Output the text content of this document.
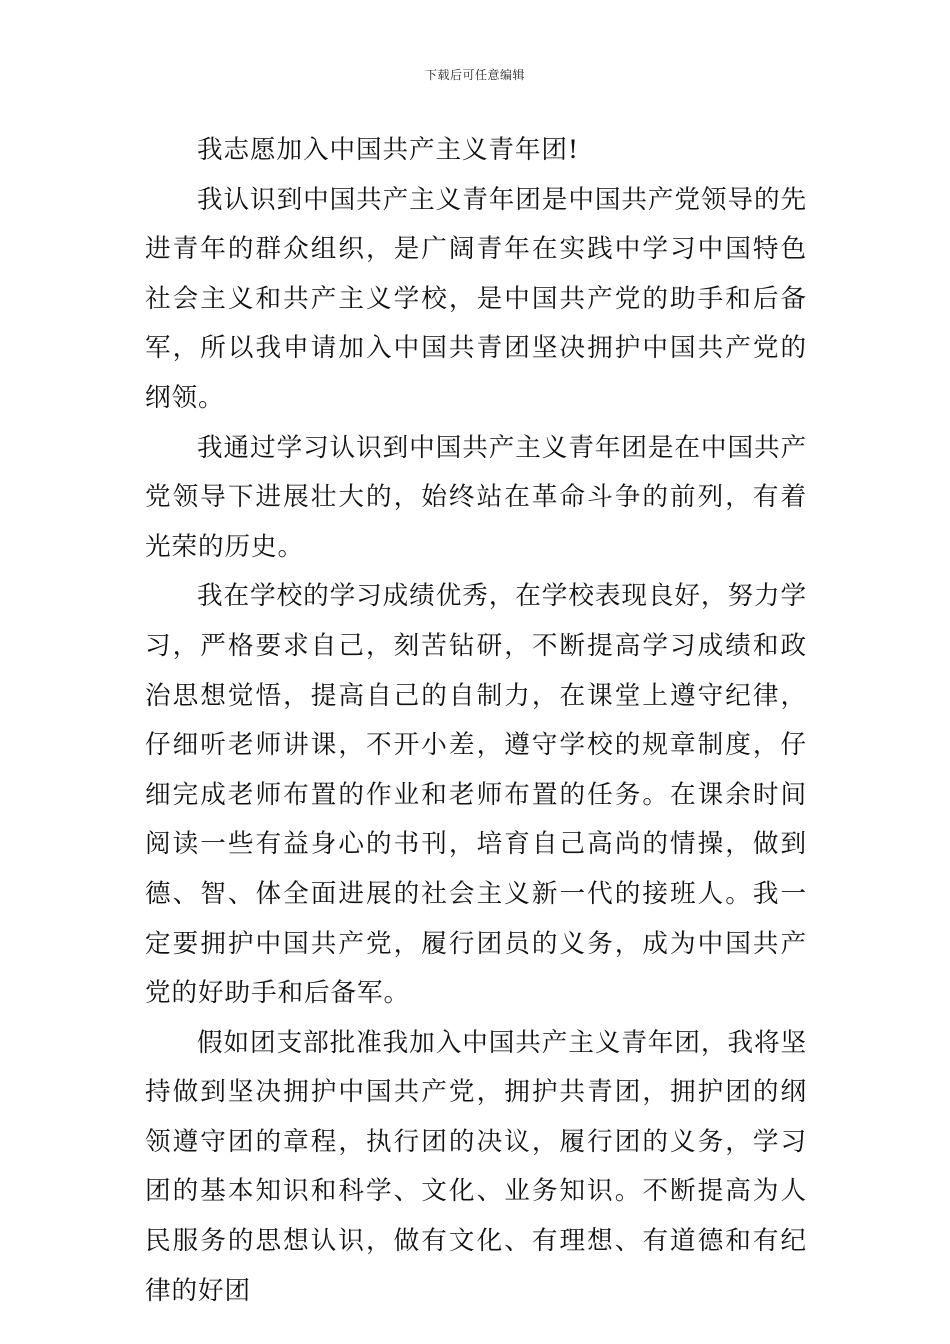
下载后可任意编辑

我志愿加入中国共产主义青年团!

我认识到中国共产主义青年团是中国共产党领导的先进青年的群众组织，是广阔青年在实践中学习中国特色社会主义和共产主义学校，是中国共产党的助手和后备军，所以我申请加入中国共青团坚决拥护中国共产党的纲领。

我通过学习认识到中国共产主义青年团是在中国共产党领导下进展壮大的，始终站在革命斗争的前列，有着光荣的历史。

我在学校的学习成绩优秀，在学校表现良好，努力学习，严格要求自己，刻苦钻研，不断提高学习成绩和政治思想觉悟，提高自己的自制力，在课堂上遵守纪律，仔细听老师讲课，不开小差，遵守学校的规章制度，仔细完成老师布置的作业和老师布置的任务。在课余时间阅读一些有益身心的书刊，培育自己高尚的情操，做到德、智、体全面进展的社会主义新一代的接班人。我一定要拥护中国共产党，履行团员的义务，成为中国共产党的好助手和后备军。

假如团支部批准我加入中国共产主义青年团，我将坚持做到坚决拥护中国共产党，拥护共青团，拥护团的纲领遵守团的章程，执行团的决议，履行团的义务，学习团的基本知识和科学、文化、业务知识。不断提高为人民服务的思想认识，做有文化、有理想、有道德和有纪律的好团
